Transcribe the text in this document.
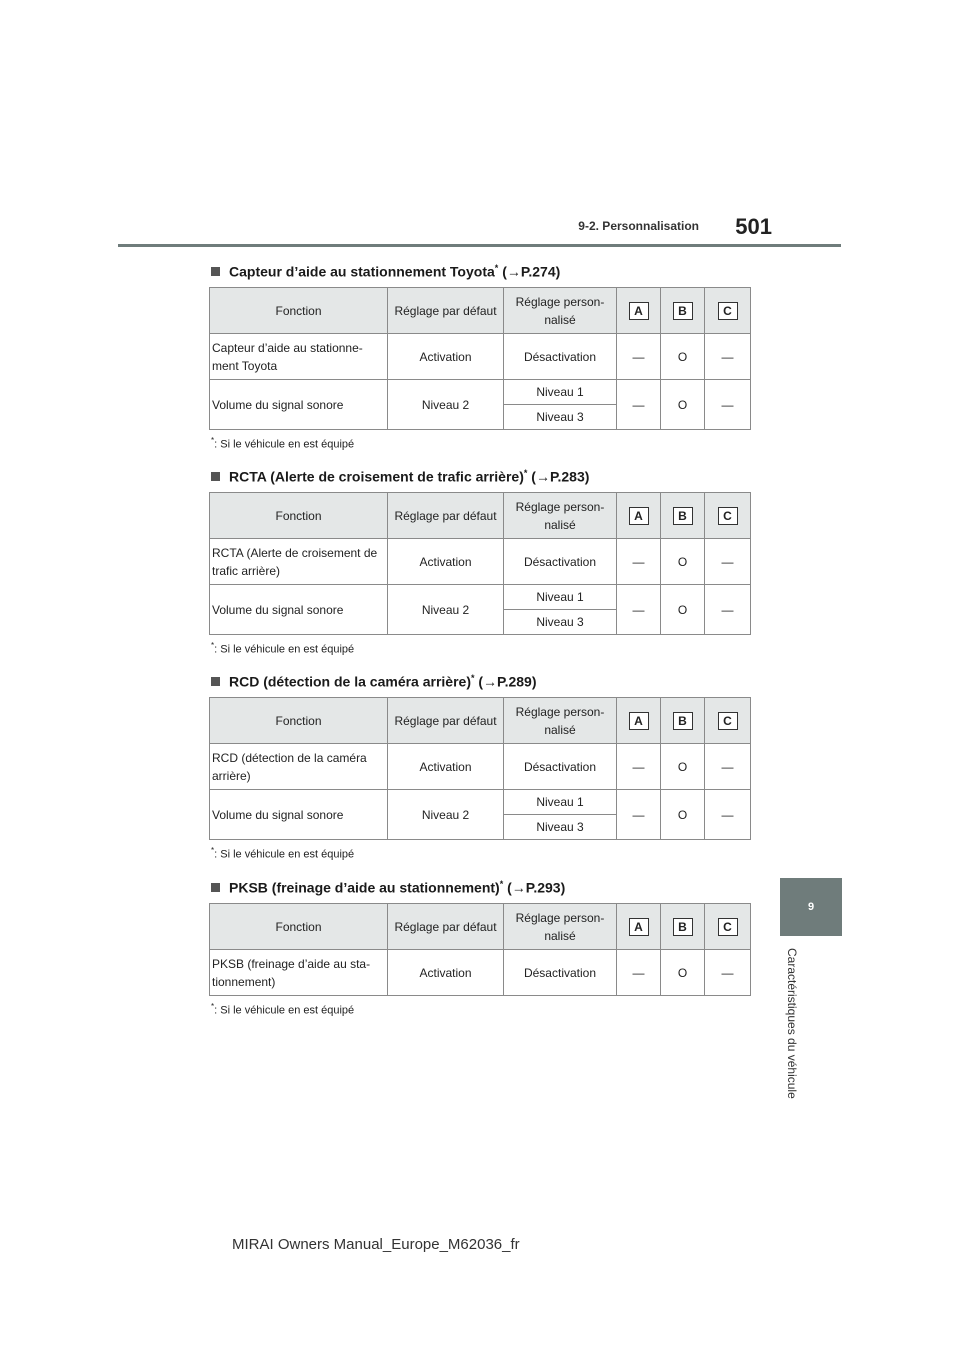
9-2. Personnalisation	501
9
Caractéristiques du véhicule
Capteur d’aide au stationnement Toyota* (→P.274)
Fonction	Réglage par défaut	Réglage person-nalisé	A	B	C
Capteur d’aide au stationne-ment Toyota	Activation	Désactivation	—	O	—
Volume du signal sonore	Niveau 2	Niveau 1	—	O	—
		Niveau 3			
*: Si le véhicule en est équipé
RCTA (Alerte de croisement de trafic arrière)* (→P.283)
Fonction	Réglage par défaut	Réglage person-nalisé	A	B	C
RCTA (Alerte de croisement de trafic arrière)	Activation	Désactivation	—	O	—
Volume du signal sonore	Niveau 2	Niveau 1	—	O	—
		Niveau 3			
*: Si le véhicule en est équipé
RCD (détection de la caméra arrière)* (→P.289)
Fonction	Réglage par défaut	Réglage person-nalisé	A	B	C
RCD (détection de la caméra arrière)	Activation	Désactivation	—	O	—
Volume du signal sonore	Niveau 2	Niveau 1	—	O	—
		Niveau 3			
*: Si le véhicule en est équipé
PKSB (freinage d’aide au stationnement)* (→P.293)
Fonction	Réglage par défaut	Réglage person-nalisé	A	B	C
PKSB (freinage d’aide au sta-tionnement)	Activation	Désactivation	—	O	—
*: Si le véhicule en est équipé
MIRAI Owners Manual_Europe_M62036_fr
